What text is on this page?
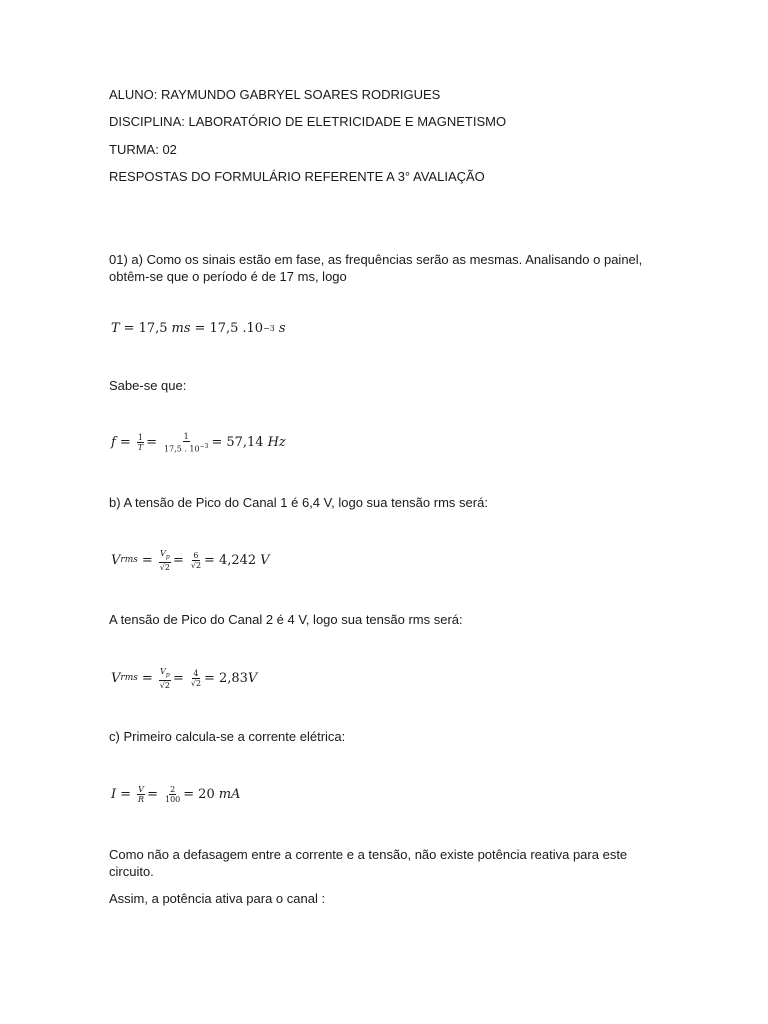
ALUNO: RAYMUNDO GABRYEL SOARES RODRIGUES
DISCIPLINA: LABORATÓRIO DE ELETRICIDADE E MAGNETISMO
TURMA: 02
RESPOSTAS DO FORMULÁRIO REFERENTE A 3° AVALIAÇÃO
01) a) Como os sinais estão em fase, as frequências serão as mesmas. Analisando o painel, obtêm-se que o período é de 17 ms, logo
T = 17,5 ms = 17,5 . 10 −3 s
Sabe-se que:
$f = \frac{1}{T} = \frac{1}{17,5 . 10^{-3}} = 57,14$ Hz
b) A tensão de Pico do Canal 1 é 6,4 V, logo sua tensão rms será:
V rms = $\frac{V_p}{√2} = \frac{6}{√2} = 4,242$ V
A tensão de Pico do Canal 2 é 4 V, logo sua tensão rms será:
V rms = $\frac{V_p}{√2} = \frac{4}{√2} = 2,83$ V
c) Primeiro calcula-se a corrente elétrica:
$I = \frac{V}{R} = \frac{2}{100} = 20$ mA
Como não a defasagem entre a corrente e a tensão, não existe potência reativa para este circuito.
Assim, a potência ativa para o canal :
